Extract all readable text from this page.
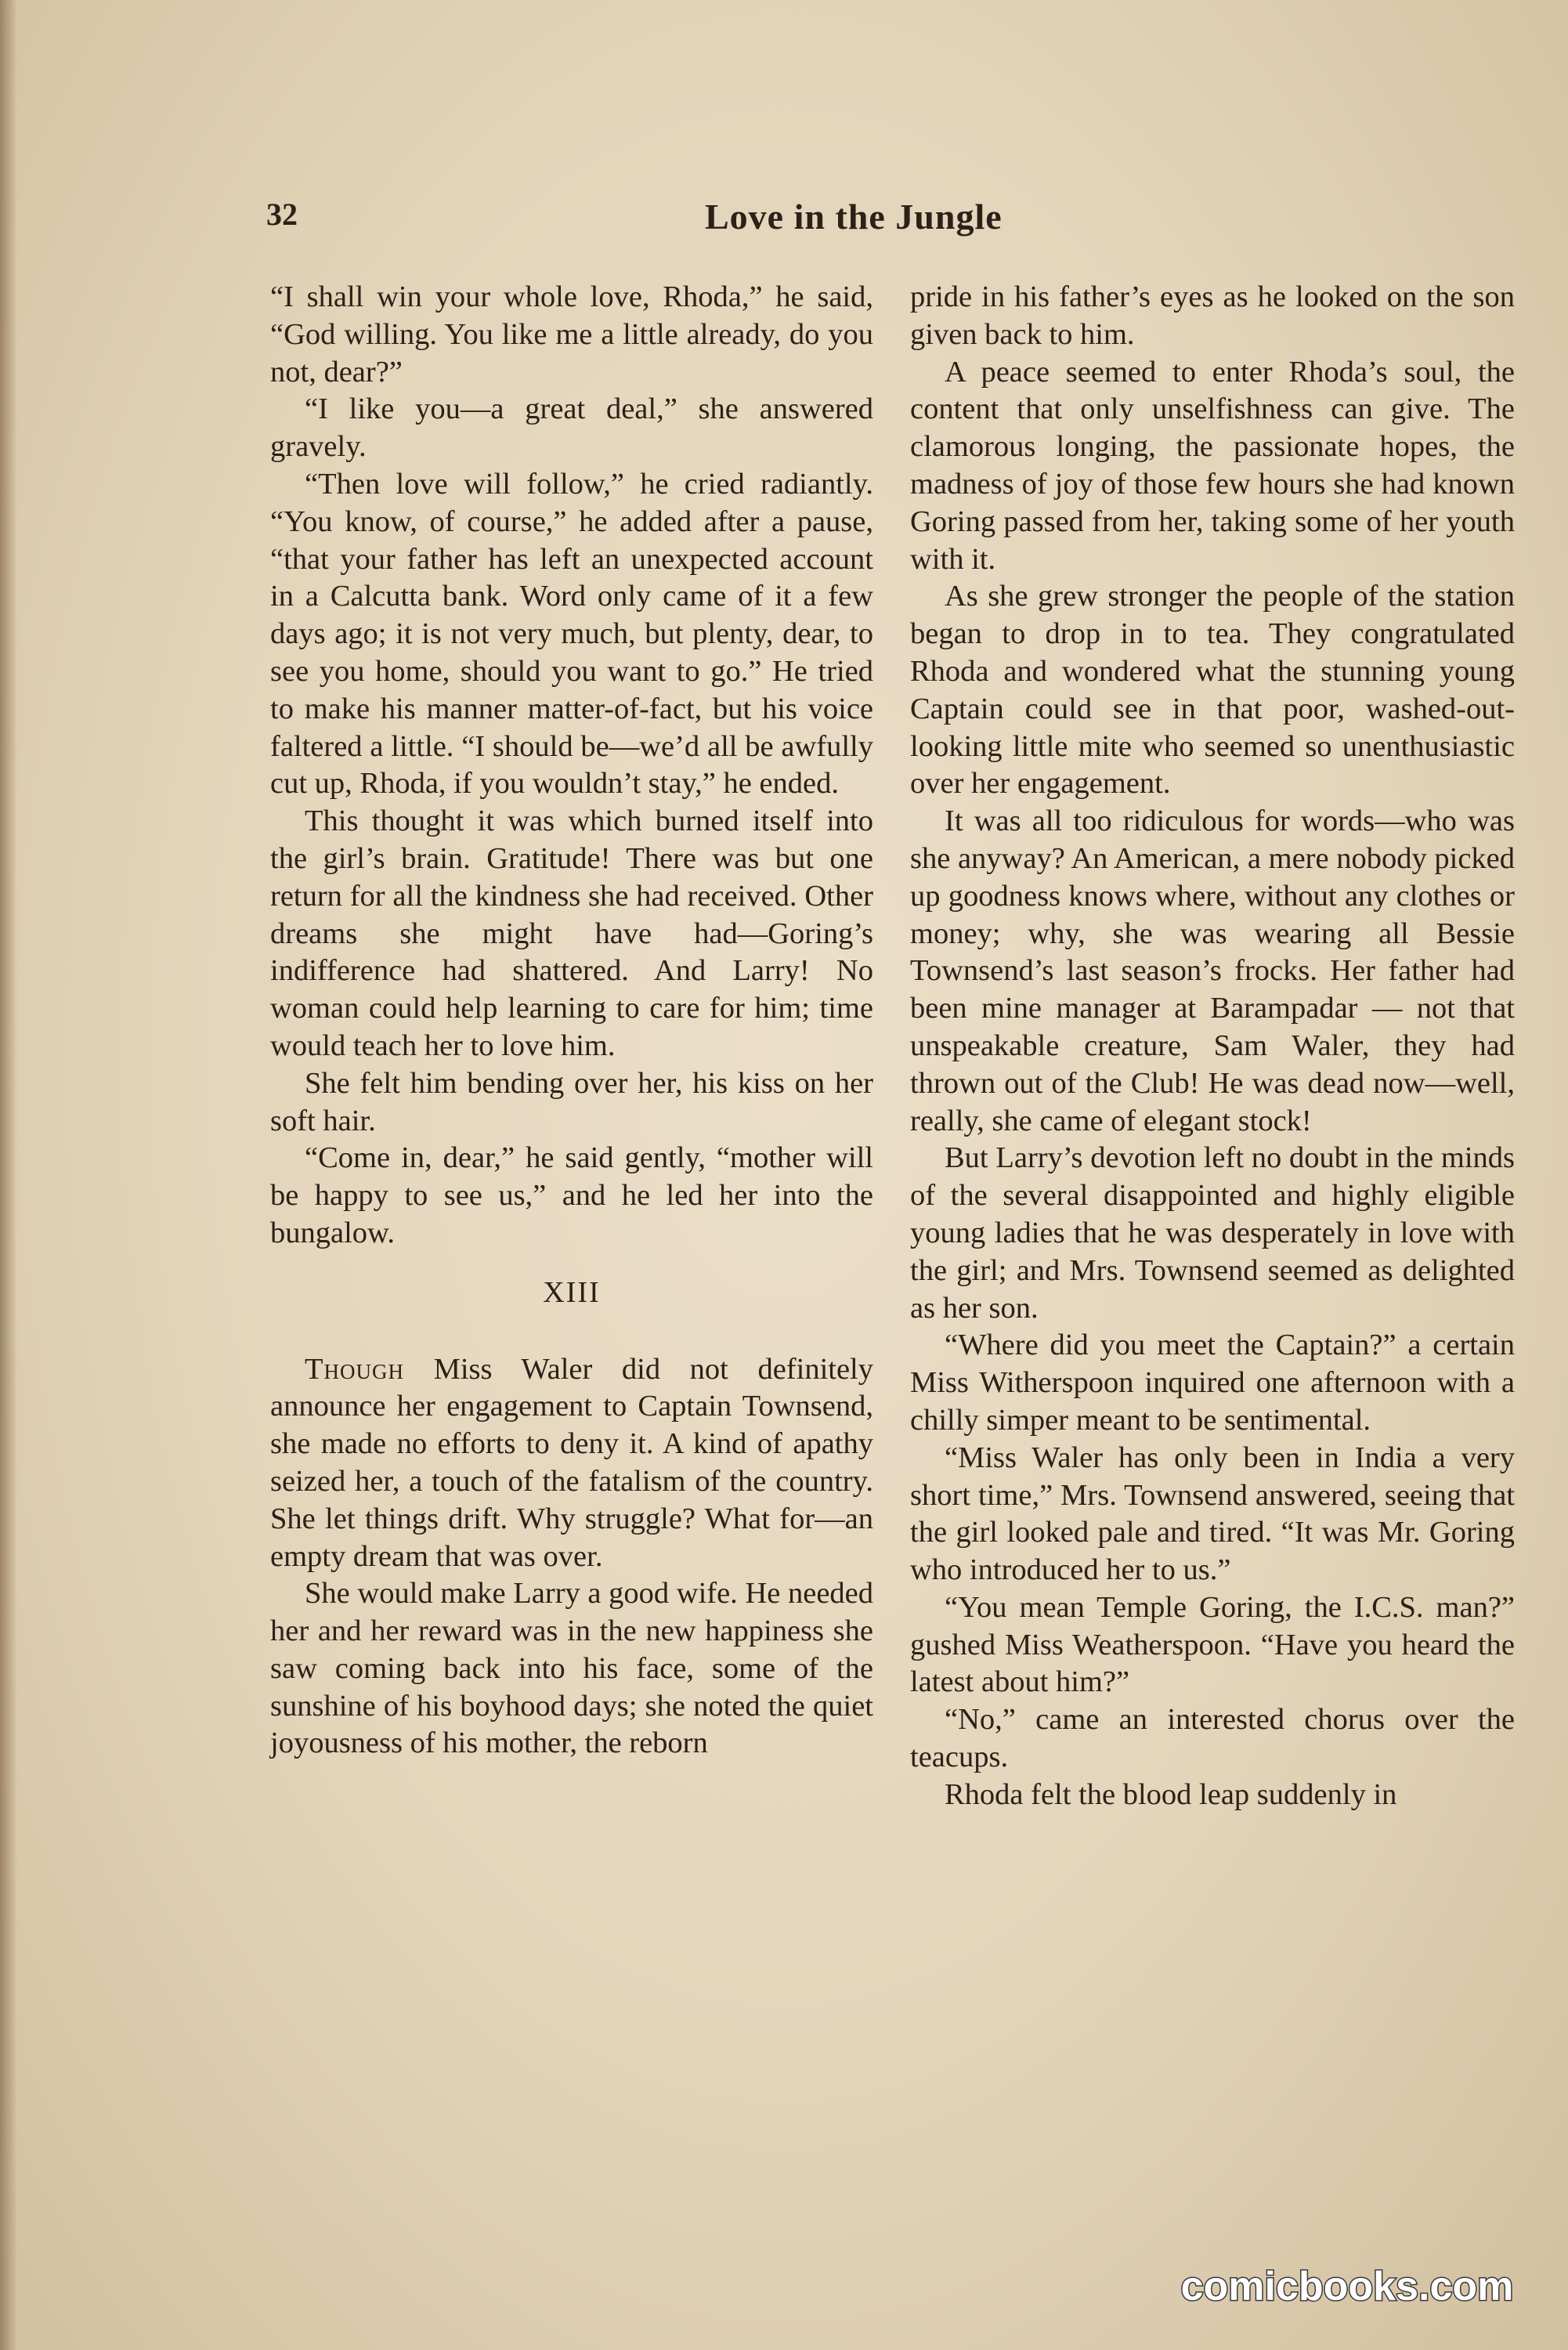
32	Love in the Jungle

“I shall win your whole love, Rhoda,” he said, “God willing. You like me a little already, do you not, dear?”

“I like you—a great deal,” she answered gravely.

“Then love will follow,” he cried radiantly. “You know, of course,” he added after a pause, “that your father has left an unexpected account in a Calcutta bank. Word only came of it a few days ago; it is not very much, but plenty, dear, to see you home, should you want to go.” He tried to make his manner matter-of-fact, but his voice faltered a little. “I should be—we’d all be awfully cut up, Rhoda, if you wouldn’t stay,” he ended.

This thought it was which burned itself into the girl’s brain. Gratitude! There was but one return for all the kindness she had received. Other dreams she might have had—Goring’s indifference had shattered. And Larry! No woman could help learning to care for him; time would teach her to love him.

She felt him bending over her, his kiss on her soft hair.

“Come in, dear,” he said gently, “mother will be happy to see us,” and he led her into the bungalow.

XIII

Though Miss Waler did not definitely announce her engagement to Captain Townsend, she made no efforts to deny it. A kind of apathy seized her, a touch of the fatalism of the country. She let things drift. Why struggle? What for—an empty dream that was over.

She would make Larry a good wife. He needed her and her reward was in the new happiness she saw coming back into his face, some of the sunshine of his boyhood days; she noted the quiet joyousness of his mother, the reborn

pride in his father’s eyes as he looked on the son given back to him.

A peace seemed to enter Rhoda’s soul, the content that only unselfishness can give. The clamorous longing, the passionate hopes, the madness of joy of those few hours she had known Goring passed from her, taking some of her youth with it.

As she grew stronger the people of the station began to drop in to tea. They congratulated Rhoda and wondered what the stunning young Captain could see in that poor, washed-out-looking little mite who seemed so unenthusiastic over her engagement.

It was all too ridiculous for words—who was she anyway? An American, a mere nobody picked up goodness knows where, without any clothes or money; why, she was wearing all Bessie Townsend’s last season’s frocks. Her father had been mine manager at Barampadar — not that unspeakable creature, Sam Waler, they had thrown out of the Club! He was dead now—well, really, she came of elegant stock!

But Larry’s devotion left no doubt in the minds of the several disappointed and highly eligible young ladies that he was desperately in love with the girl; and Mrs. Townsend seemed as delighted as her son.

“Where did you meet the Captain?” a certain Miss Witherspoon inquired one afternoon with a chilly simper meant to be sentimental.

“Miss Waler has only been in India a very short time,” Mrs. Townsend answered, seeing that the girl looked pale and tired. “It was Mr. Goring who introduced her to us.”

“You mean Temple Goring, the I.C.S. man?” gushed Miss Weatherspoon. “Have you heard the latest about him?”

“No,” came an interested chorus over the teacups.

Rhoda felt the blood leap suddenly in

comicbooks.com
